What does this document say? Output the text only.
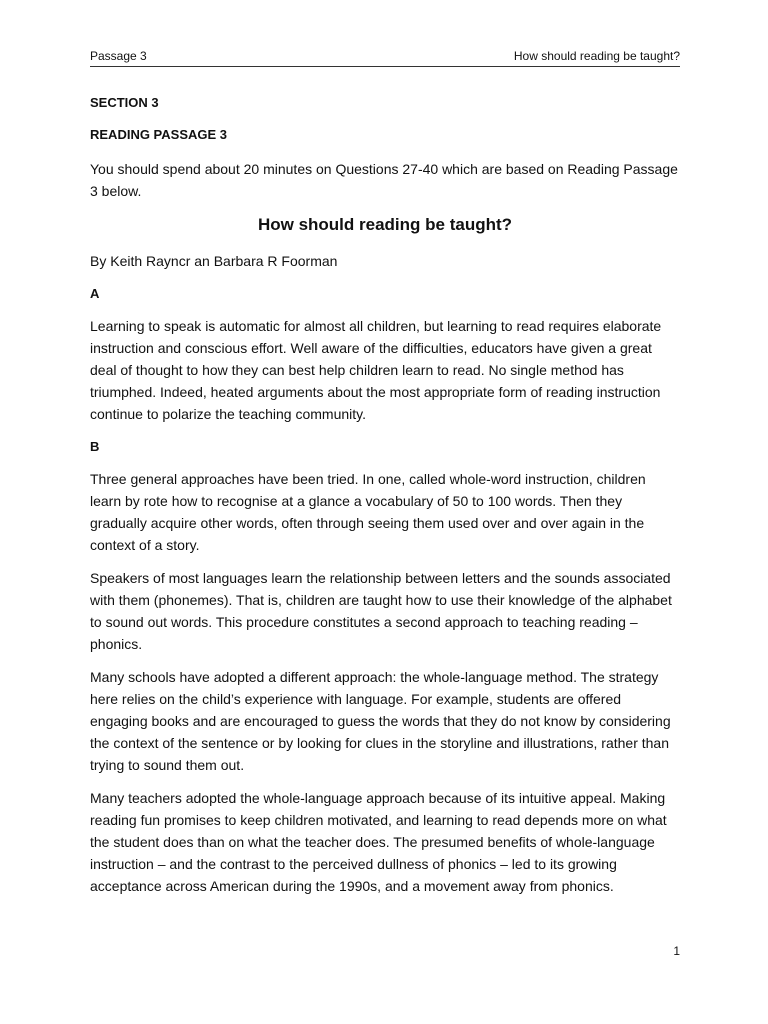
Passage 3	How should reading be taught?
SECTION 3
READING PASSAGE 3

You should spend about 20 minutes on Questions 27-40 which are based on Reading Passage 3 below.

How should reading be taught?
By Keith Rayncr an Barbara R Foorman
A

Learning to speak is automatic for almost all children, but learning to read requires elaborate instruction and conscious effort. Well aware of the difficulties, educators have given a great deal of thought to how they can best help children learn to read. No single method has triumphed. Indeed, heated arguments about the most appropriate form of reading instruction continue to polarize the teaching community.

B

Three general approaches have been tried. In one, called whole-word instruction, children learn by rote how to recognise at a glance a vocabulary of 50 to 100 words. Then they gradually acquire other words, often through seeing them used over and over again in the context of a story.

Speakers of most languages learn the relationship between letters and the sounds associated with them (phonemes). That is, children are taught how to use their knowledge of the alphabet to sound out words. This procedure constitutes a second approach to teaching reading – phonics.

Many schools have adopted a different approach: the whole-language method. The strategy here relies on the child’s experience with language. For example, students are offered engaging books and are encouraged to guess the words that they do not know by considering the context of the sentence or by looking for clues in the storyline and illustrations, rather than trying to sound them out.

Many teachers adopted the whole-language approach because of its intuitive appeal. Making reading fun promises to keep children motivated, and learning to read depends more on what the student does than on what the teacher does. The presumed benefits of whole-language instruction – and the contrast to the perceived dullness of phonics – led to its growing acceptance across American during the 1990s, and a movement away from phonics.

1
